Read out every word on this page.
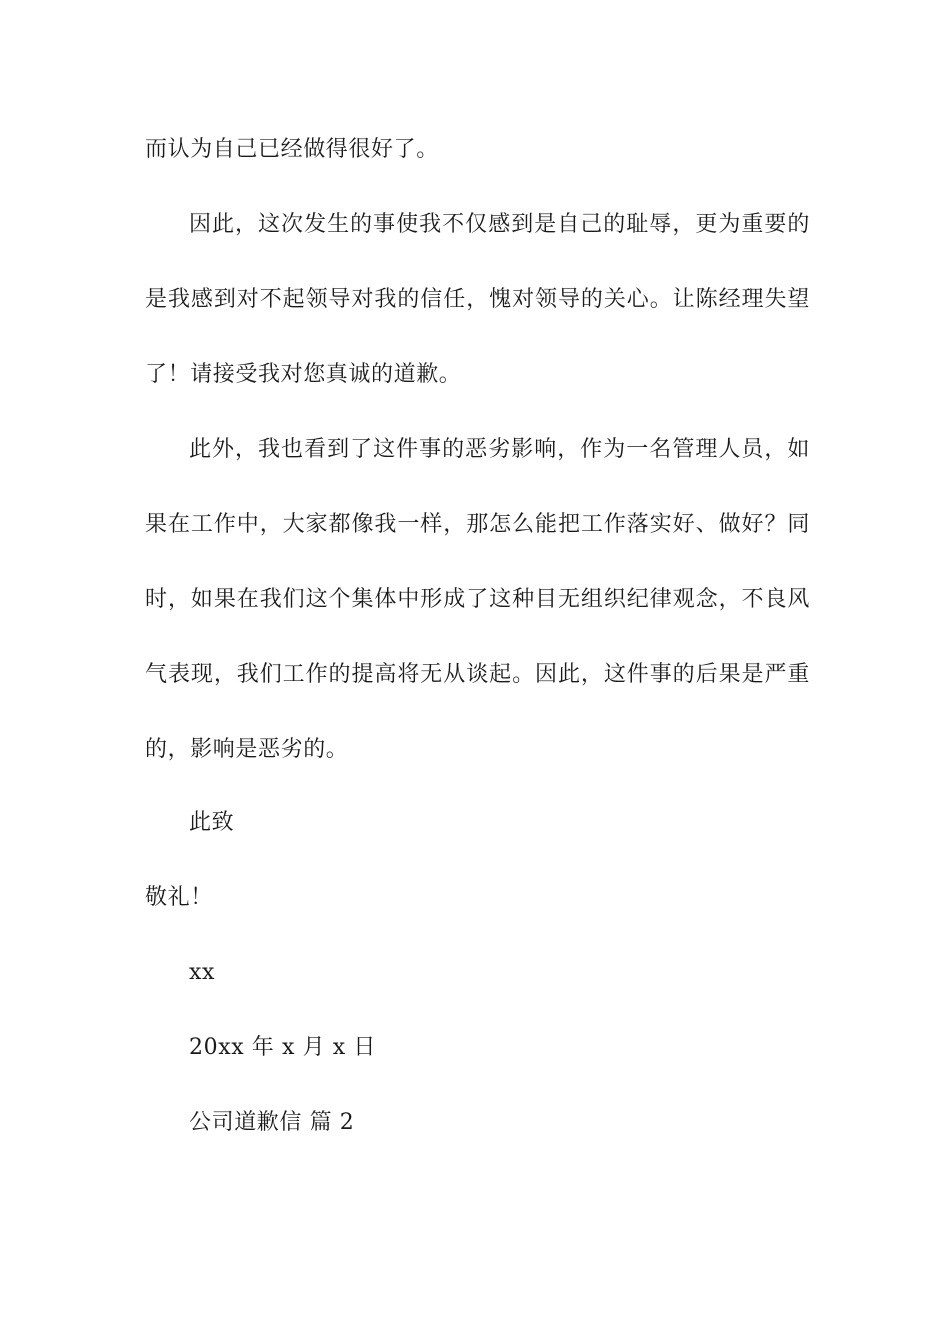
而认为自己已经做得很好了。
因此，这次发生的事使我不仅感到是自己的耻辱，更为重要的
是我感到对不起领导对我的信任，愧对领导的关心。让陈经理失望
了！请接受我对您真诚的道歉。
此外，我也看到了这件事的恶劣影响，作为一名管理人员，如
果在工作中，大家都像我一样，那怎么能把工作落实好、做好？同
时，如果在我们这个集体中形成了这种目无组织纪律观念，不良风
气表现，我们工作的提高将无从谈起。因此，这件事的后果是严重
的，影响是恶劣的。
此致
敬礼！
xx
20xx 年 x 月 x 日
公司道歉信 篇 2
